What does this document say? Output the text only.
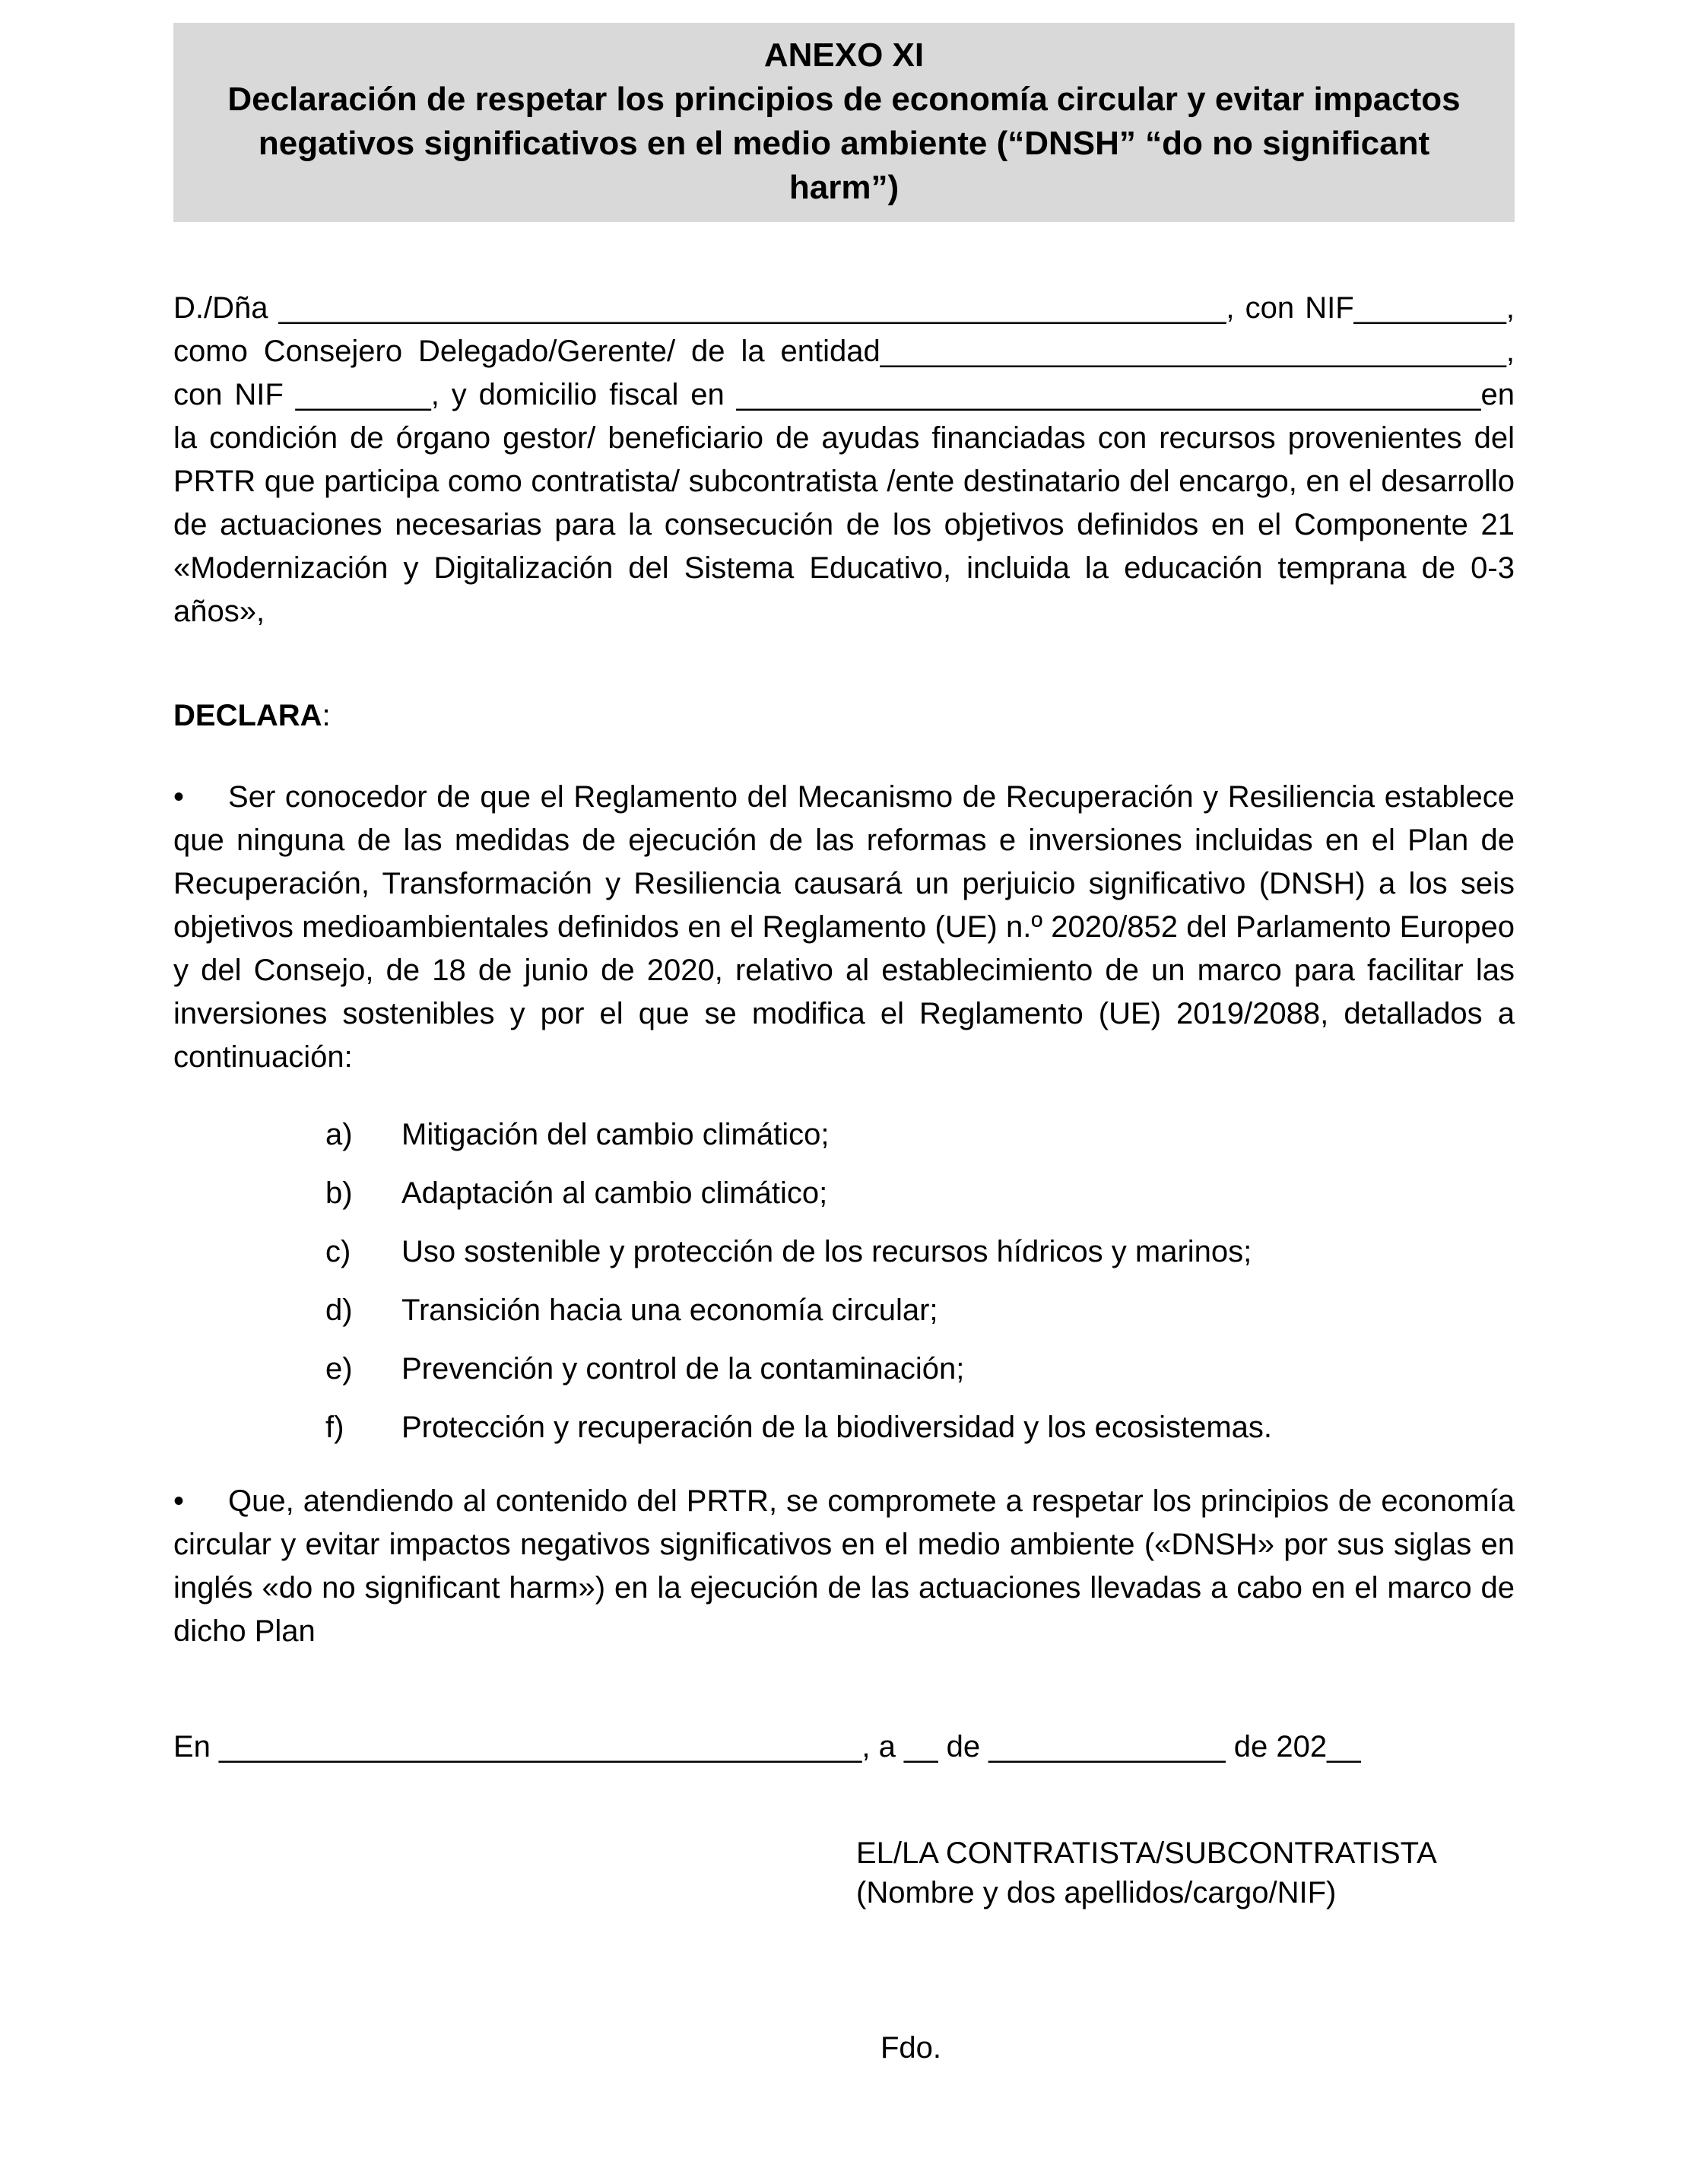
ANEXO XI
Declaración de respetar los principios de economía circular y evitar impactos negativos significativos en el medio ambiente (“DNSH” “do no significant harm”)

D./Dña ________________________________________________________, con NIF_________, como Consejero Delegado/Gerente/ de la entidad_____________________________________, con NIF ________, y domicilio fiscal en ____________________________________________en la condición de órgano gestor/ beneficiario de ayudas financiadas con recursos provenientes del PRTR que participa como contratista/ subcontratista /ente destinatario del encargo, en el desarrollo de actuaciones necesarias para la consecución de los objetivos definidos en el Componente 21 «Modernización y Digitalización del Sistema Educativo, incluida la educación temprana de 0-3 años»,

DECLARA:

• Ser conocedor de que el Reglamento del Mecanismo de Recuperación y Resiliencia establece que ninguna de las medidas de ejecución de las reformas e inversiones incluidas en el Plan de Recuperación, Transformación y Resiliencia causará un perjuicio significativo (DNSH) a los seis objetivos medioambientales definidos en el Reglamento (UE) n.º 2020/852 del Parlamento Europeo y del Consejo, de 18 de junio de 2020, relativo al establecimiento de un marco para facilitar las inversiones sostenibles y por el que se modifica el Reglamento (UE) 2019/2088, detallados a continuación:

a) Mitigación del cambio climático;
b) Adaptación al cambio climático;
c) Uso sostenible y protección de los recursos hídricos y marinos;
d) Transición hacia una economía circular;
e) Prevención y control de la contaminación;
f) Protección y recuperación de la biodiversidad y los ecosistemas.

• Que, atendiendo al contenido del PRTR, se compromete a respetar los principios de economía circular y evitar impactos negativos significativos en el medio ambiente («DNSH» por sus siglas en inglés «do no significant harm») en la ejecución de las actuaciones llevadas a cabo en el marco de dicho Plan

En ______________________________________, a __ de ______________ de 202__

EL/LA CONTRATISTA/SUBCONTRATISTA
(Nombre y dos apellidos/cargo/NIF)
Fdo.
